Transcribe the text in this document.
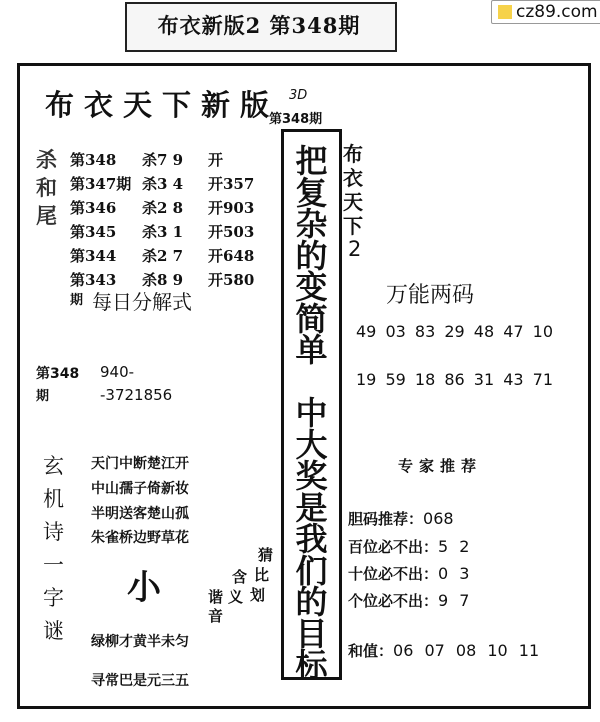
布衣新版2 第348期
cz89.com
布衣天下新版 3D
第348期
把
复
杂
的
变
简
单
中
大
奖
是
我
们
的
目
标
杀和尾
第348 杀7 9 开
第347期 杀3 4 开357
第346 杀2 8 开903
第345 杀3 1 开503
第344 杀2 7 开648
第343 杀8 9 开580
期 每日分解式
第348
期
940-
-3721856
玄机诗一字谜
天门中断楚江开
中山孺子倚新妆
半明送客楚山孤
朱雀桥边野草花
小
猜
比
划
含
义
谐
音
绿柳才黄半未匀
寻常巴是元三五
布衣天下
2
万能两码
49 03 83 29 48 47 10
19 59 18 86 31 43 71
专家推荐
胆码推荐：068
百位必不出：5 2
十位必不出：0 3
个位必不出：9 7
和值：06 07 08 10 11
